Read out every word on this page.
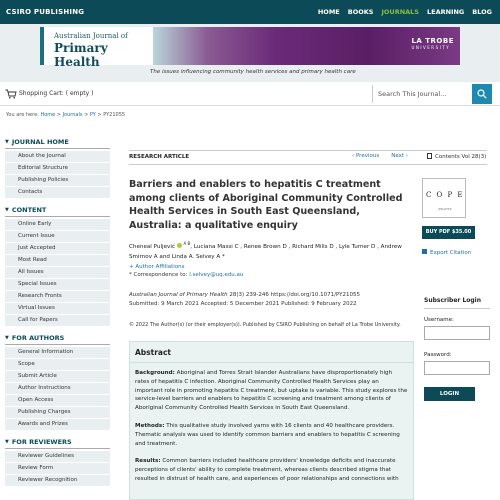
CSIRO PUBLISHING	HOME BOOKS JOURNALS LEARNING BLOG
Australian Journal of
Primary Health
LA TROBE
UNIVERSITY
The issues influencing community health services and primary health care
Shopping Cart: ( empty )	Search This Journal...
You are here: Home > Journals > PY > PY21055
▼ JOURNAL HOME
About the Journal
Editorial Structure
Publishing Policies
Contacts
▼ CONTENT
Online Early
Current Issue
Just Accepted
Most Read
All Issues
Special Issues
Research Fronts
Virtual Issues
Call for Papers
▼ FOR AUTHORS
General Information
Scope
Submit Article
Author Instructions
Open Access
Publishing Charges
Awards and Prizes
▼ FOR REVIEWERS
Reviewer Guidelines
Review Form
Reviewer Recognition
RESEARCH ARTICLE	‹ Previous Next ›	Contents Vol 28(3)
Barriers and enablers to hepatitis C treatment among clients of Aboriginal Community Controlled Health Services in South East Queensland, Australia: a qualitative enquiry
Cheneal Puljević  $^{A B}$, Luciana Massi C , Renee Brown D , Richard Mills D , Lyle Turner D , Andrew Smirnov A and Linda A. Selvey A *
+ Author Affiliations
* Correspondence to: l.selvey@uq.edu.au
Australian Journal of Primary Health 28(3) 239-246 https://doi.org/10.1071/PY21055
Submitted: 9 March 2021 Accepted: 5 December 2021 Published: 9 February 2022
© 2022 The Author(s) (or their employer(s)). Published by CSIRO Publishing on behalf of La Trobe University.
C O P E
JM12703
BUY PDF $35.00
Export Citation
Subscriber Login
Username:
Password:
LOGIN
Abstract

Background: Aboriginal and Torres Strait Islander Australians have disproportionately high rates of hepatitis C infection. Aboriginal Community Controlled Health Services play an important role in promoting hepatitis C treatment, but uptake is variable. This study explores the service-level barriers and enablers to hepatitis C screening and treatment among clients of Aboriginal Community Controlled Health Services in South East Queensland.

Methods: This qualitative study involved yarns with 16 clients and 40 healthcare providers. Thematic analysis was used to identify common barriers and enablers to hepatitis C screening and treatment.

Results: Common barriers included healthcare providers' knowledge deficits and inaccurate perceptions of clients' ability to complete treatment, whereas clients described stigma that resulted in distrust of health care, and experiences of poor relationships and connections with
